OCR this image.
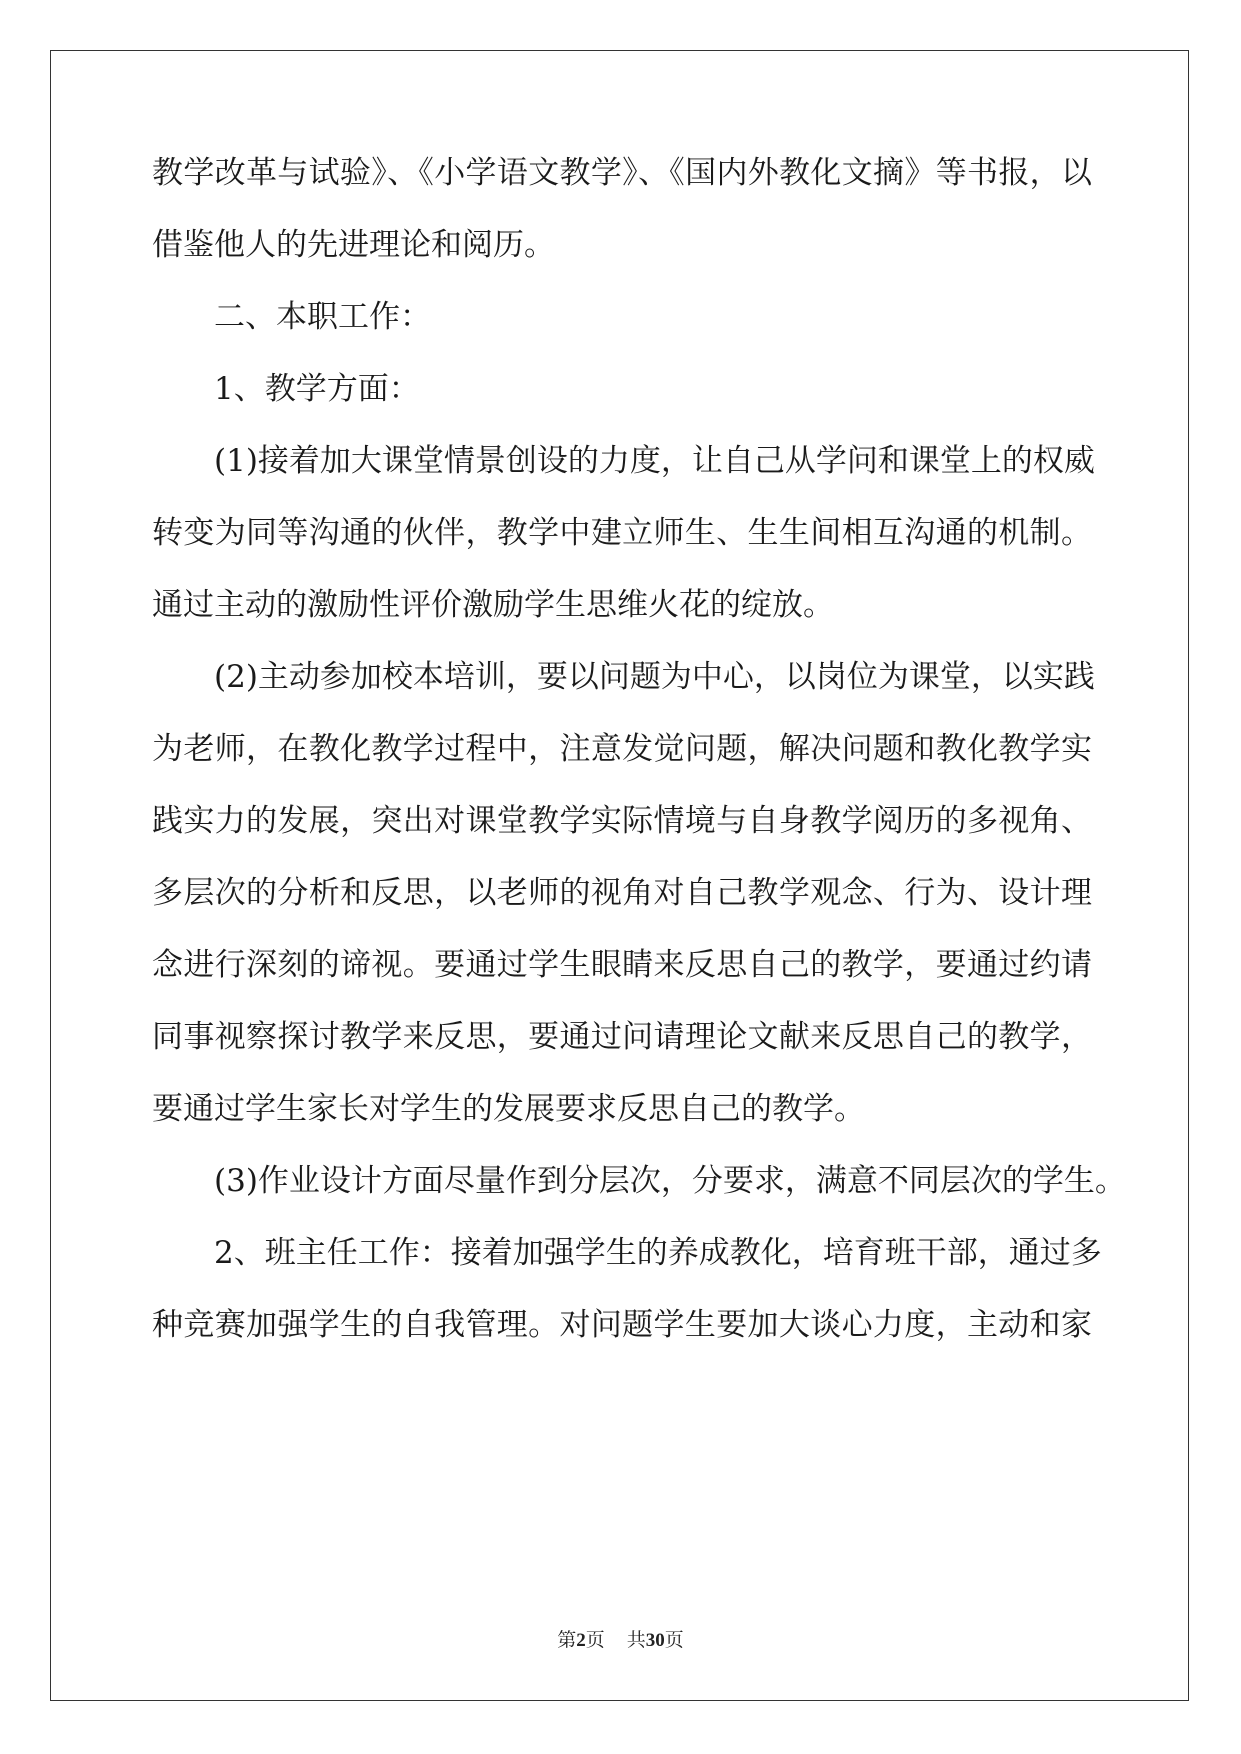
教学改革与试验》、《小学语文教学》、《国内外教化文摘》等书报，以
借鉴他人的先进理论和阅历。
二、本职工作：
1、教学方面：
(1)接着加大课堂情景创设的力度，让自己从学问和课堂上的权威
转变为同等沟通的伙伴，教学中建立师生、生生间相互沟通的机制。
通过主动的激励性评价激励学生思维火花的绽放。
(2)主动参加校本培训，要以问题为中心，以岗位为课堂，以实践
为老师，在教化教学过程中，注意发觉问题，解决问题和教化教学实
践实力的发展，突出对课堂教学实际情境与自身教学阅历的多视角、
多层次的分析和反思，以老师的视角对自己教学观念、行为、设计理
念进行深刻的谛视。要通过学生眼睛来反思自己的教学，要通过约请
同事视察探讨教学来反思，要通过问请理论文献来反思自己的教学，
要通过学生家长对学生的发展要求反思自己的教学。
(3)作业设计方面尽量作到分层次，分要求，满意不同层次的学生。
2、班主任工作：接着加强学生的养成教化，培育班干部，通过多
种竞赛加强学生的自我管理。对问题学生要加大谈心力度，主动和家
第2页 共30页
